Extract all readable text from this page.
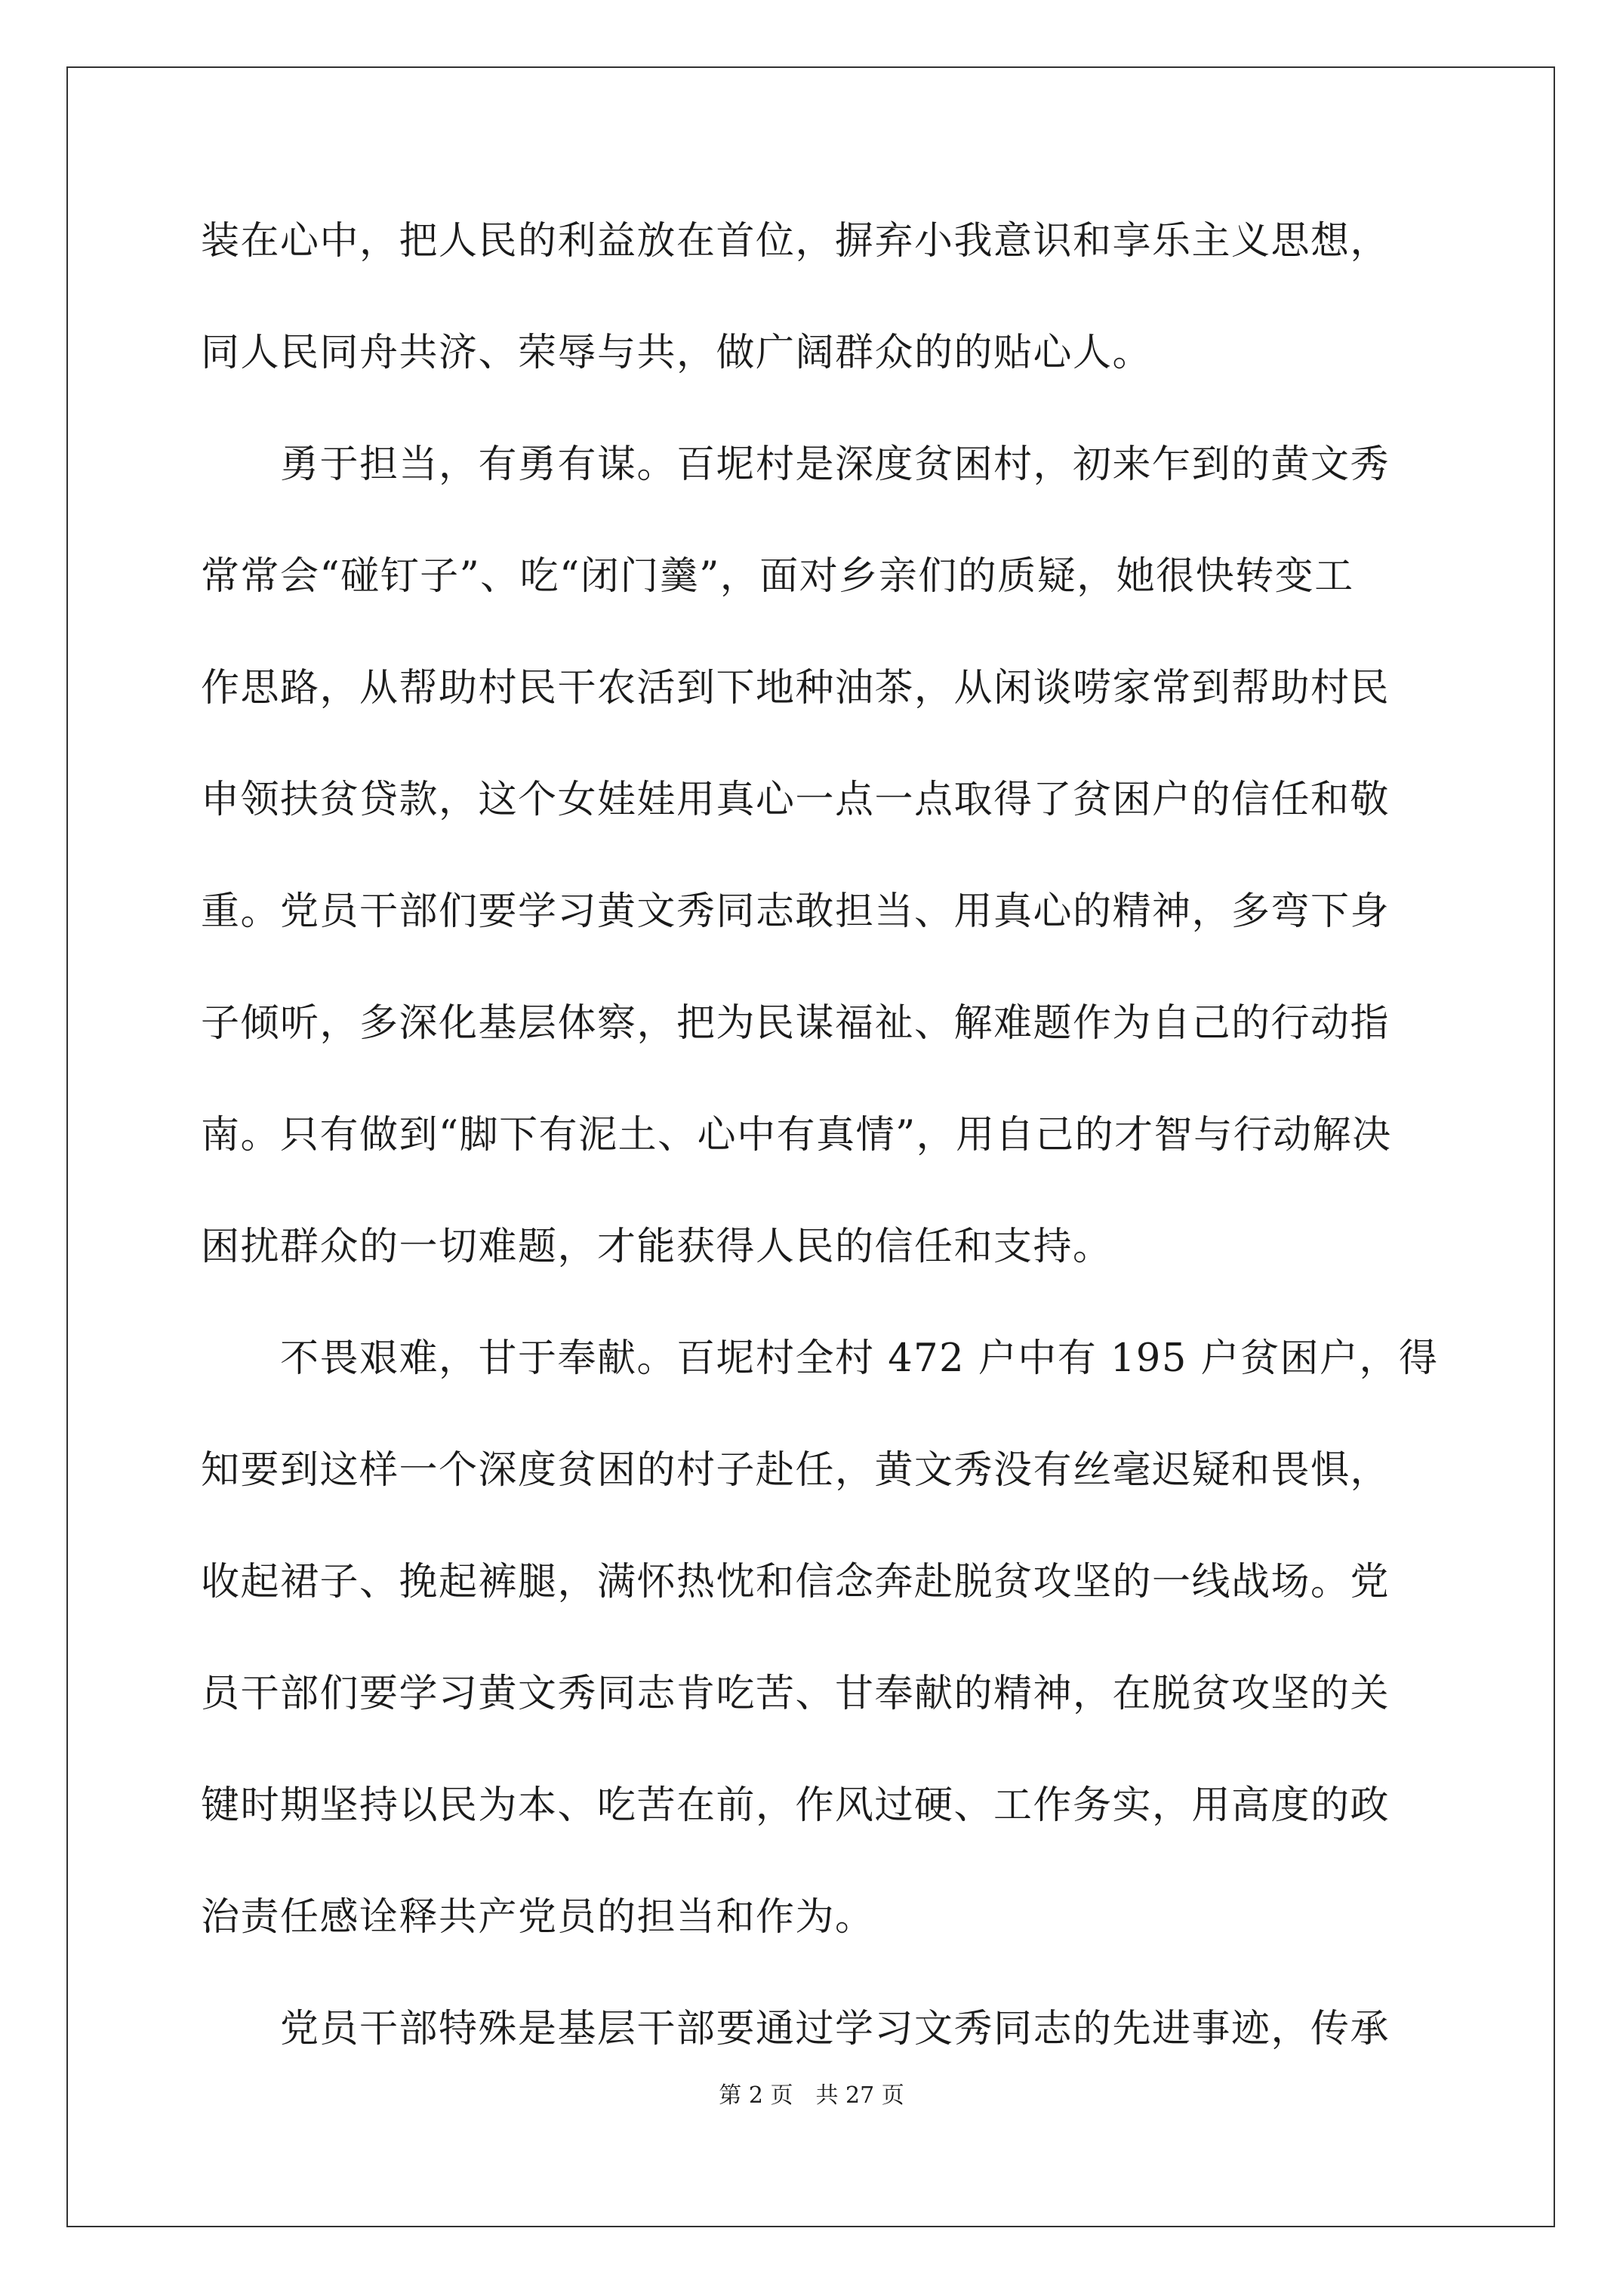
装在心中，把人民的利益放在首位，摒弃小我意识和享乐主义思想，
同人民同舟共济、荣辱与共，做广阔群众的的贴心人。
　　勇于担当，有勇有谋。百坭村是深度贫困村，初来乍到的黄文秀
常常会“碰钉子”、吃“闭门羹”，面对乡亲们的质疑，她很快转变工
作思路，从帮助村民干农活到下地种油茶，从闲谈唠家常到帮助村民
申领扶贫贷款，这个女娃娃用真心一点一点取得了贫困户的信任和敬
重。党员干部们要学习黄文秀同志敢担当、用真心的精神，多弯下身
子倾听，多深化基层体察，把为民谋福祉、解难题作为自己的行动指
南。只有做到“脚下有泥土、心中有真情”，用自己的才智与行动解决
困扰群众的一切难题，才能获得人民的信任和支持。
　　不畏艰难，甘于奉献。百坭村全村 472 户中有 195 户贫困户，得
知要到这样一个深度贫困的村子赴任，黄文秀没有丝毫迟疑和畏惧，
收起裙子、挽起裤腿，满怀热忱和信念奔赴脱贫攻坚的一线战场。党
员干部们要学习黄文秀同志肯吃苦、甘奉献的精神，在脱贫攻坚的关
键时期坚持以民为本、吃苦在前，作风过硬、工作务实，用高度的政
治责任感诠释共产党员的担当和作为。
　　党员干部特殊是基层干部要通过学习文秀同志的先进事迹，传承
第 2 页 共 27 页
